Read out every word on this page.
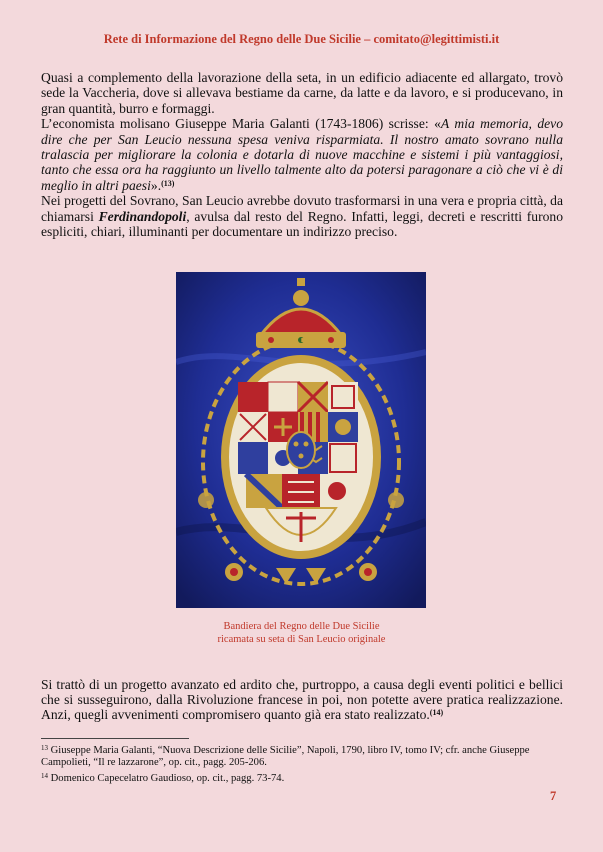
Rete di Informazione del Regno delle Due Sicilie – comitato@legittimisti.it

Quasi a complemento della lavorazione della seta, in un edificio adiacente ed allargato, trovò sede la Vaccheria, dove si allevava bestiame da carne, da latte e da lavoro, e si producevano, in gran quantità, burro e formaggi.

L’economista molisano Giuseppe Maria Galanti (1743-1806) scrisse: «A mia memoria, devo dire che per San Leucio nessuna spesa veniva risparmiata. Il nostro amato sovrano nulla tralascia per migliorare la colonia e dotarla di nuove macchine e sistemi i più vantaggiosi, tanto che essa ora ha raggiunto un livello talmente alto da potersi paragonare a ciò che vi è di meglio in altri paesi».$^{(13)}$

Nei progetti del Sovrano, San Leucio avrebbe dovuto trasformarsi in una vera e propria città, da chiamarsi Ferdinandopoli, avulsa dal resto del Regno. Infatti, leggi, decreti e rescritti furono espliciti, chiari, illuminanti per documentare un indirizzo preciso.

Bandiera del Regno delle Due Sicilie
ricamata su seta di San Leucio originale

Si trattò di un progetto avanzato ed ardito che, purtroppo, a causa degli eventi politici e bellici che si susseguirono, dalla Rivoluzione francese in poi, non potette avere pratica realizzazione. Anzi, quegli avvenimenti compromisero quanto già era stato realizzato.$^{(14)}$

$^{13}$ Giuseppe Maria Galanti, “Nuova Descrizione delle Sicilie”, Napoli, 1790, libro IV, tomo IV; cfr. anche Giuseppe Campolieti, “Il re lazzarone”, op. cit., pagg. 205-206.

$^{14}$ Domenico Capecelatro Gaudioso, op. cit., pagg. 73-74.

7
